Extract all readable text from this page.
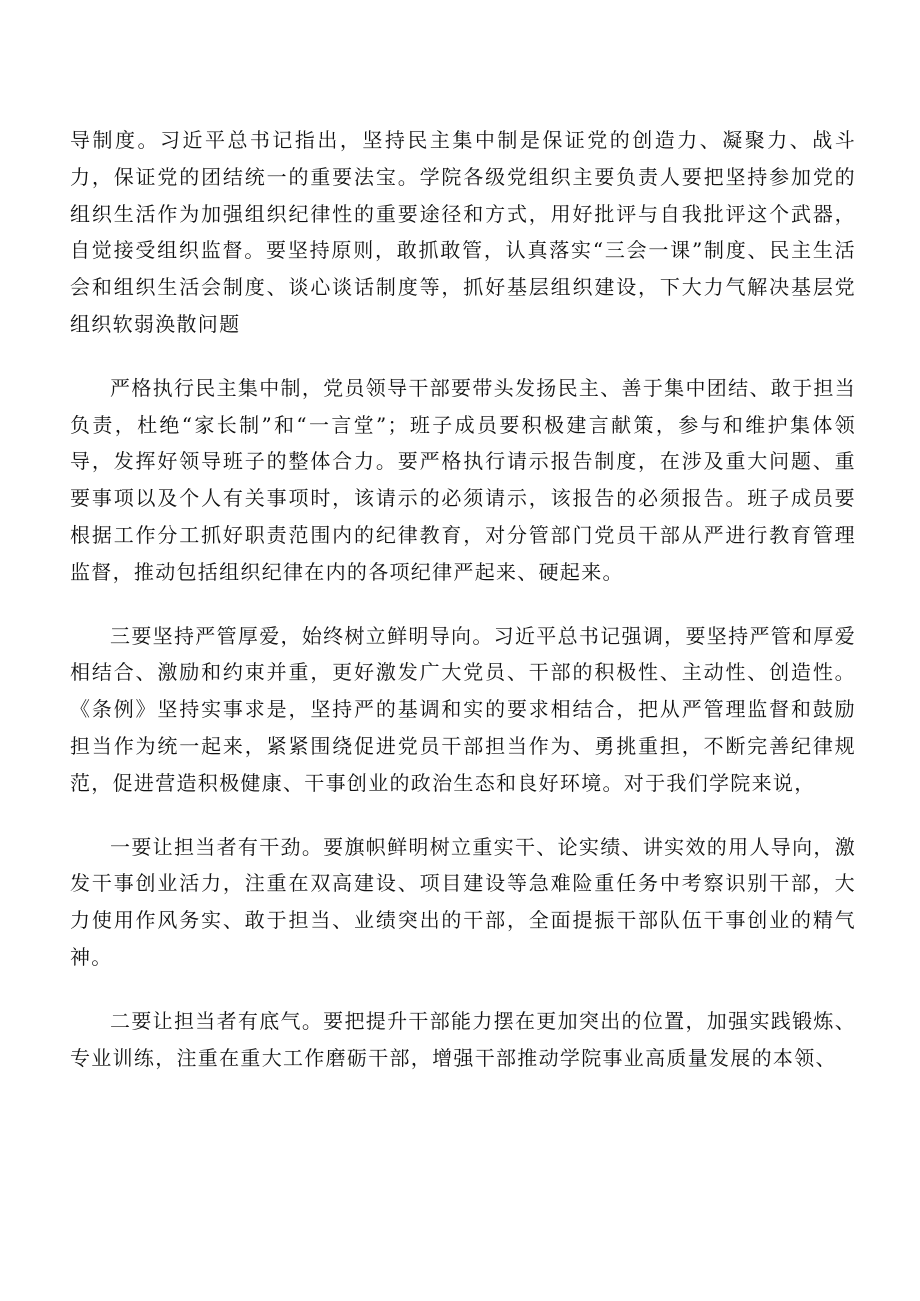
导制度。习近平总书记指出，坚持民主集中制是保证党的创造力、凝聚力、战斗力，保证党的团结统一的重要法宝。学院各级党组织主要负责人要把坚持参加党的组织生活作为加强组织纪律性的重要途径和方式，用好批评与自我批评这个武器，自觉接受组织监督。要坚持原则，敢抓敢管，认真落实“三会一课”制度、民主生活会和组织生活会制度、谈心谈话制度等，抓好基层组织建设，下大力气解决基层党组织软弱涣散问题

严格执行民主集中制，党员领导干部要带头发扬民主、善于集中团结、敢于担当负责，杜绝“家长制”和“一言堂”；班子成员要积极建言献策，参与和维护集体领导，发挥好领导班子的整体合力。要严格执行请示报告制度，在涉及重大问题、重要事项以及个人有关事项时，该请示的必须请示，该报告的必须报告。班子成员要根据工作分工抓好职责范围内的纪律教育，对分管部门党员干部从严进行教育管理监督，推动包括组织纪律在内的各项纪律严起来、硬起来。

三要坚持严管厚爱，始终树立鲜明导向。习近平总书记强调，要坚持严管和厚爱相结合、激励和约束并重，更好激发广大党员、干部的积极性、主动性、创造性。《条例》坚持实事求是，坚持严的基调和实的要求相结合，把从严管理监督和鼓励担当作为统一起来，紧紧围绕促进党员干部担当作为、勇挑重担，不断完善纪律规范，促进营造积极健康、干事创业的政治生态和良好环境。对于我们学院来说，

一要让担当者有干劲。要旗帜鲜明树立重实干、论实绩、讲实效的用人导向，激发干事创业活力，注重在双高建设、项目建设等急难险重任务中考察识别干部，大力使用作风务实、敢于担当、业绩突出的干部，全面提振干部队伍干事创业的精气神。

二要让担当者有底气。要把提升干部能力摆在更加突出的位置，加强实践锻炼、专业训练，注重在重大工作磨砺干部，增强干部推动学院事业高质量发展的本领、
